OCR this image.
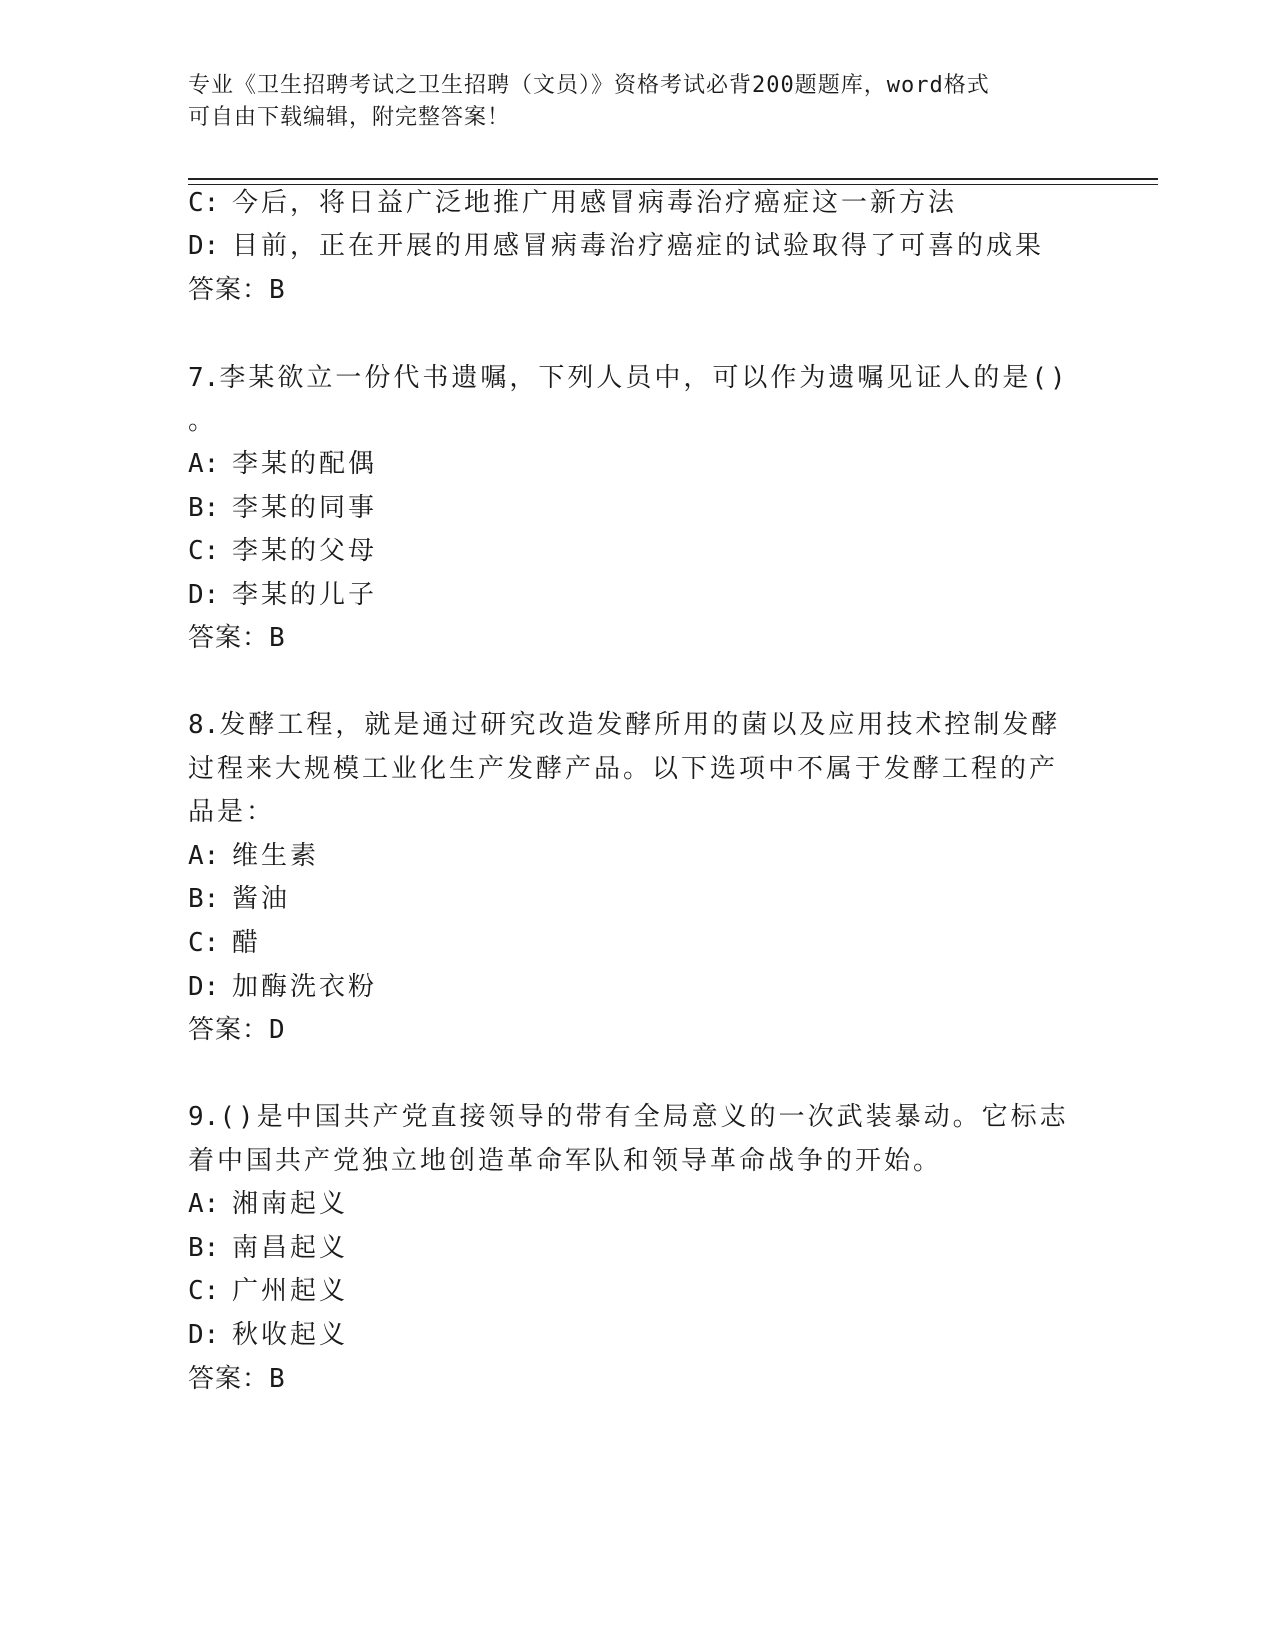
专业《卫生招聘考试之卫生招聘（文员）》资格考试必背200题题库，word格式
可自由下载编辑，附完整答案！
C: 今后，将日益广泛地推广用感冒病毒治疗癌症这一新方法
D: 目前，正在开展的用感冒病毒治疗癌症的试验取得了可喜的成果
答案：B
7.李某欲立一份代书遗嘱，下列人员中，可以作为遗嘱见证人的是()
。
A: 李某的配偶
B: 李某的同事
C: 李某的父母
D: 李某的儿子
答案：B
8.发酵工程，就是通过研究改造发酵所用的菌以及应用技术控制发酵
过程来大规模工业化生产发酵产品。以下选项中不属于发酵工程的产
品是：
A: 维生素
B: 酱油
C: 醋
D: 加酶洗衣粉
答案：D
9.()是中国共产党直接领导的带有全局意义的一次武装暴动。它标志
着中国共产党独立地创造革命军队和领导革命战争的开始。
A: 湘南起义
B: 南昌起义
C: 广州起义
D: 秋收起义
答案：B
